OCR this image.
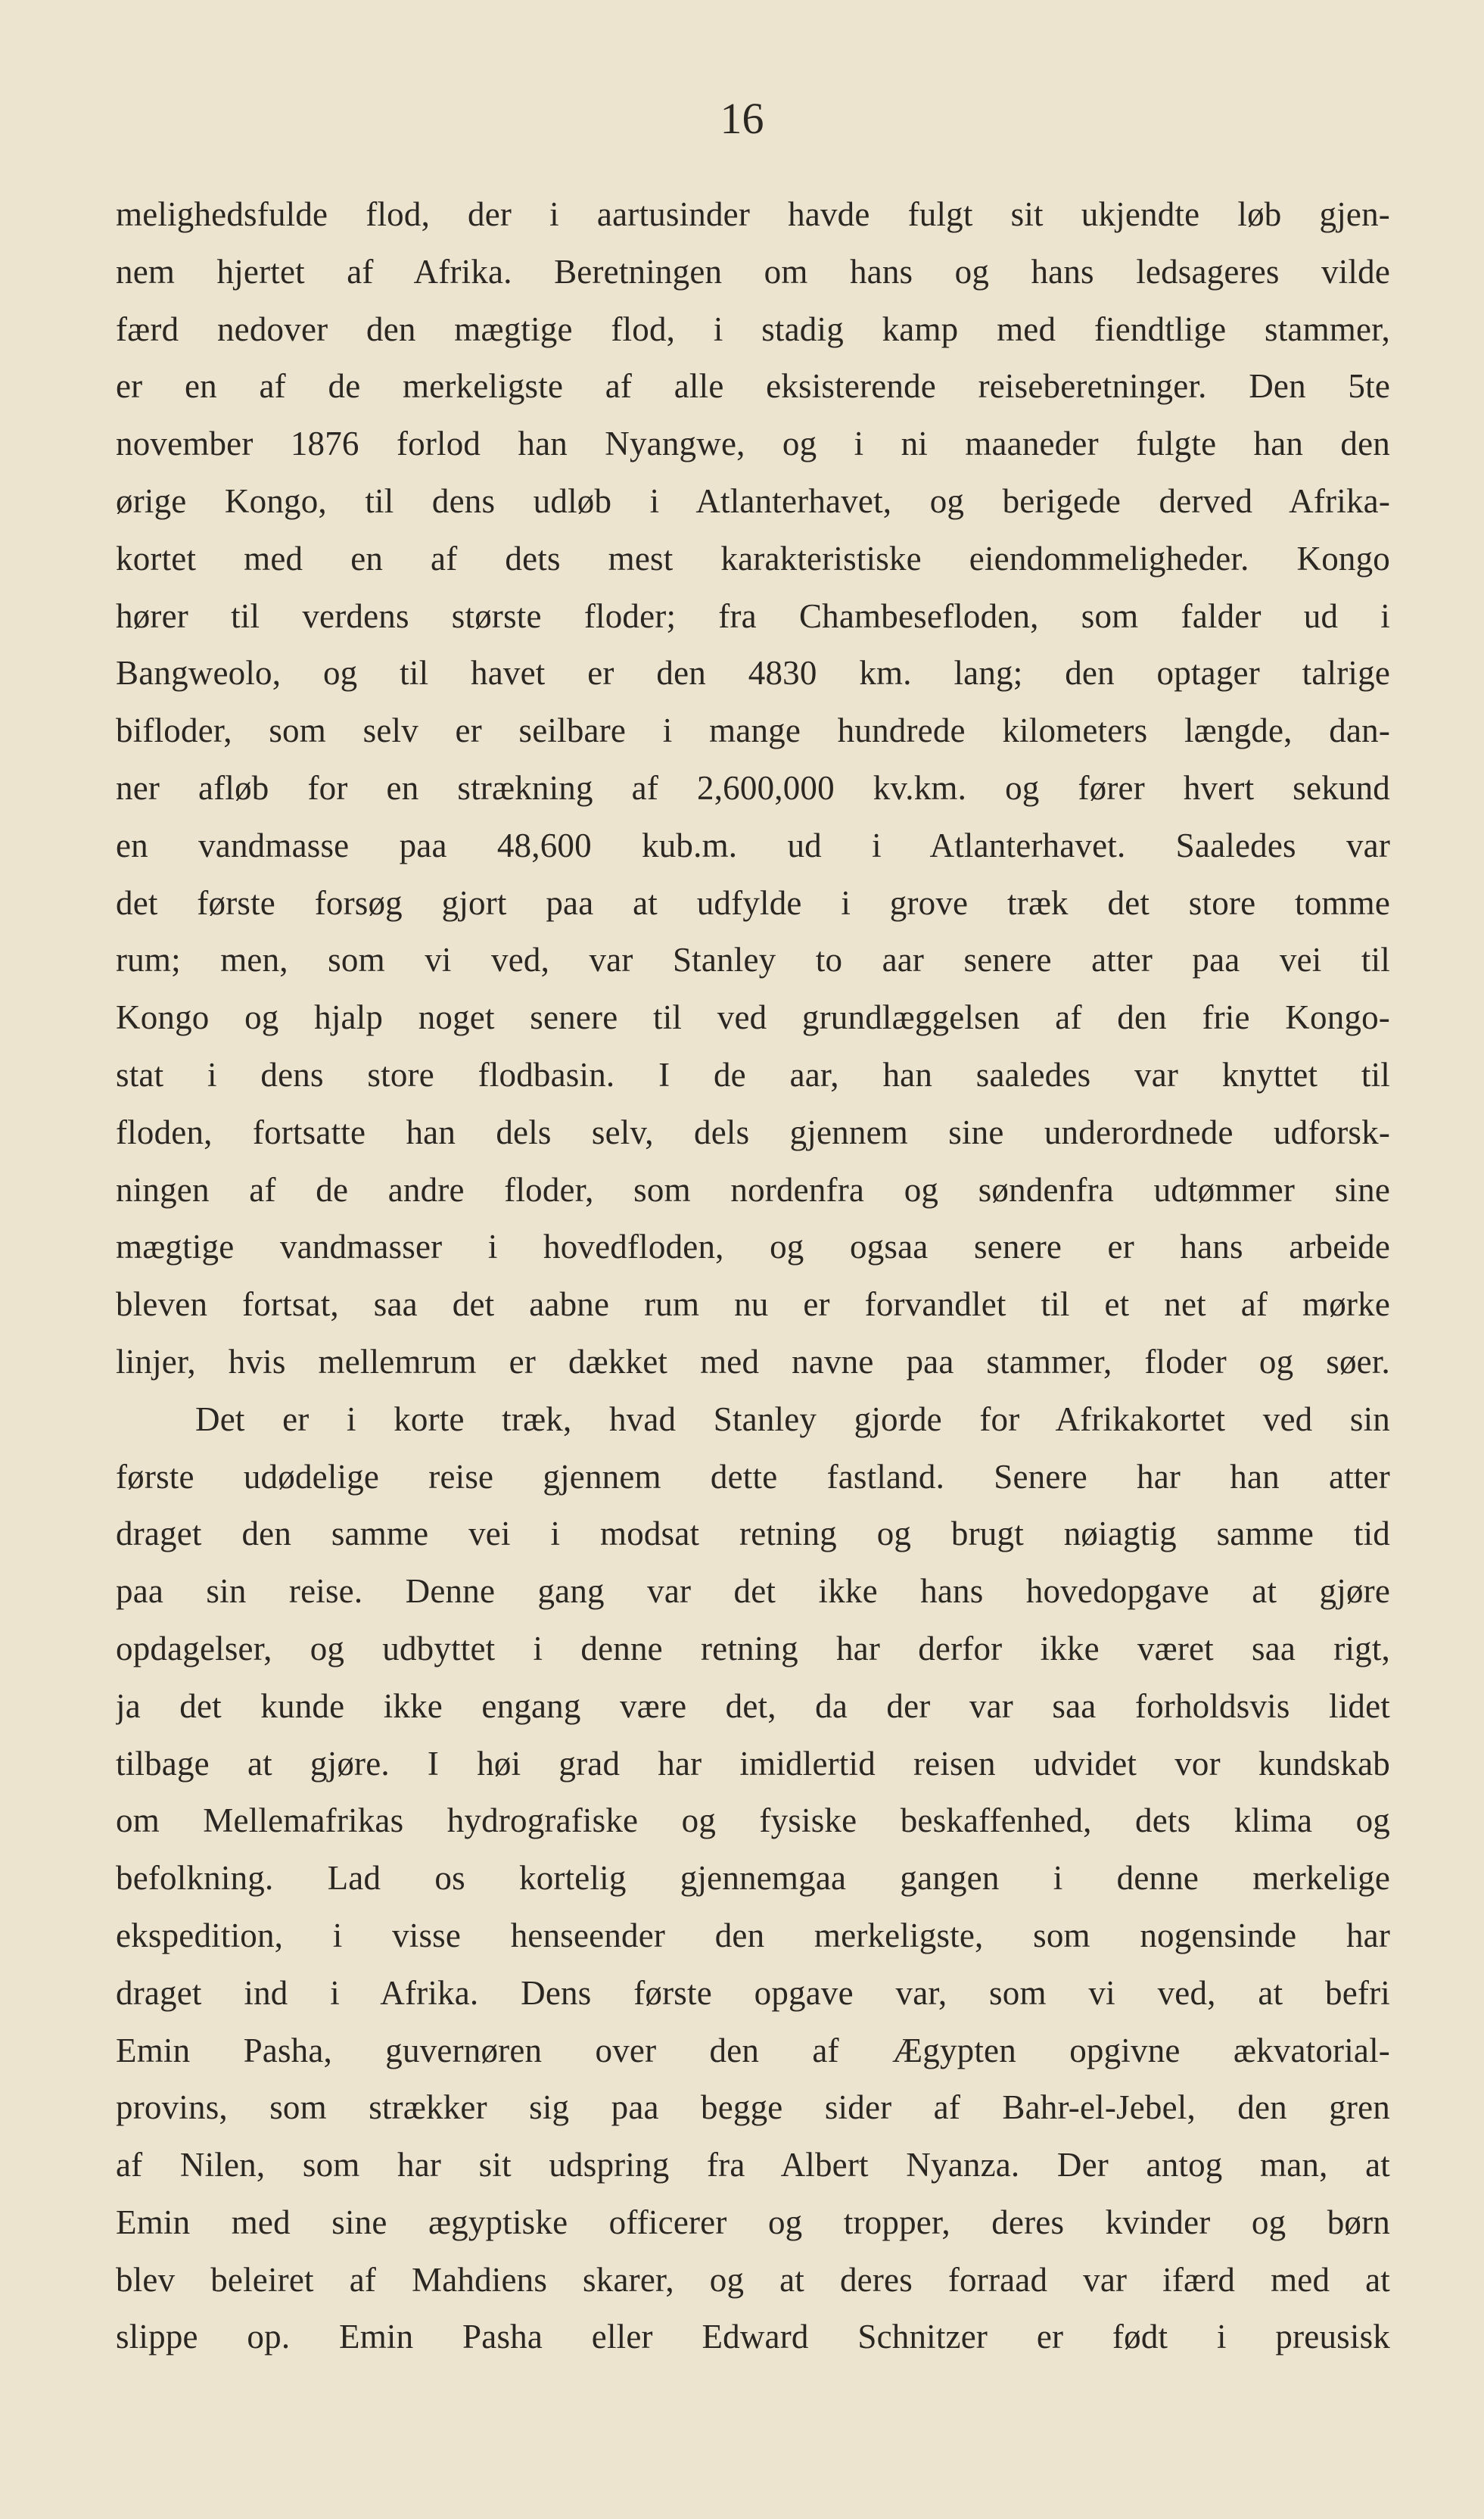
16
melighedsfulde flod, der i aartusinder havde fulgt sit ukjendte løb gjen-
nem hjertet af Afrika. Beretningen om hans og hans ledsageres vilde
færd nedover den mægtige flod, i stadig kamp med fiendtlige stammer,
er en af de merkeligste af alle eksisterende reiseberetninger. Den 5te
november 1876 forlod han Nyangwe, og i ni maaneder fulgte han den
ørige Kongo, til dens udløb i Atlanterhavet, og berigede derved Afrika-
kortet med en af dets mest karakteristiske eiendommeligheder. Kongo
hører til verdens største floder; fra Chambesefloden, som falder ud i
Bangweolo, og til havet er den 4830 km. lang; den optager talrige
bifloder, som selv er seilbare i mange hundrede kilometers længde, dan-
ner afløb for en strækning af 2,600,000 kv.km. og fører hvert sekund
en vandmasse paa 48,600 kub.m. ud i Atlanterhavet. Saaledes var
det første forsøg gjort paa at udfylde i grove træk det store tomme
rum; men, som vi ved, var Stanley to aar senere atter paa vei til
Kongo og hjalp noget senere til ved grundlæggelsen af den frie Kongo-
stat i dens store flodbasin. I de aar, han saaledes var knyttet til
floden, fortsatte han dels selv, dels gjennem sine underordnede udforsk-
ningen af de andre floder, som nordenfra og søndenfra udtømmer sine
mægtige vandmasser i hovedfloden, og ogsaa senere er hans arbeide
bleven fortsat, saa det aabne rum nu er forvandlet til et net af mørke
linjer, hvis mellemrum er dækket med navne paa stammer, floder og søer.
Det er i korte træk, hvad Stanley gjorde for Afrikakortet ved sin
første udødelige reise gjennem dette fastland. Senere har han atter
draget den samme vei i modsat retning og brugt nøiagtig samme tid
paa sin reise. Denne gang var det ikke hans hovedopgave at gjøre
opdagelser, og udbyttet i denne retning har derfor ikke været saa rigt,
ja det kunde ikke engang være det, da der var saa forholdsvis lidet
tilbage at gjøre. I høi grad har imidlertid reisen udvidet vor kundskab
om Mellemafrikas hydrografiske og fysiske beskaffenhed, dets klima og
befolkning. Lad os kortelig gjennemgaa gangen i denne merkelige
ekspedition, i visse henseender den merkeligste, som nogensinde har
draget ind i Afrika. Dens første opgave var, som vi ved, at befri
Emin Pasha, guvernøren over den af Ægypten opgivne ækvatorial-
provins, som strækker sig paa begge sider af Bahr-el-Jebel, den gren
af Nilen, som har sit udspring fra Albert Nyanza. Der antog man, at
Emin med sine ægyptiske officerer og tropper, deres kvinder og børn
blev beleiret af Mahdiens skarer, og at deres forraad var ifærd med at
slippe op. Emin Pasha eller Edward Schnitzer er født i preusisk
